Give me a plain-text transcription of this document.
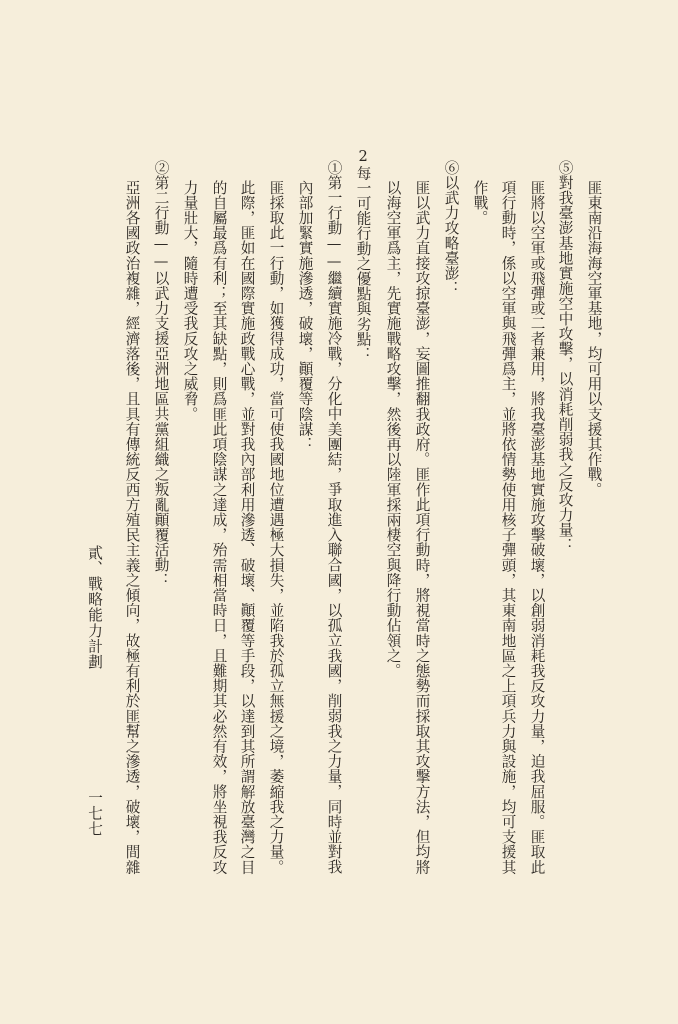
匪東南沿海海空軍基地，均可用以支援其作戰。
⑤對我臺澎基地實施空中攻擊，以消耗削弱我之反攻力量：
匪將以空軍或飛彈或二者兼用，將我臺澎基地實施攻擊破壞，以創弱消耗我反攻力量，迫我屈服。匪取此
項行動時，係以空軍與飛彈爲主，並將依情勢使用核子彈頭，其東南地區之上項兵力與設施，均可支援其
作戰。
⑥以武力攻略臺澎：
匪以武力直接攻掠臺澎，妄圖推翻我政府。匪作此項行動時，將視當時之態勢而採取其攻擊方法，但均將
以海空軍爲主，先實施戰略攻擊，然後再以陸軍採兩棲空與降行動佔領之。
2每一可能行動之優點與劣點：
①第一行動——繼續實施冷戰，分化中美團結，爭取進入聯合國，以孤立我國，削弱我之力量，同時並對我
內部加緊實施滲透，破壞，顚覆等陰謀：
匪採取此一行動，如獲得成功，當可使我國地位遭遇極大損失，並陷我於孤立無援之境，萎縮我之力量。
此際，匪如在國際實施政戰心戰，並對我內部利用滲透、破壞、顚覆等手段，以達到其所謂解放臺灣之目
的自屬最爲有利；至其缺點，則爲匪此項陰謀之達成，殆需相當時日，且難期其必然有效，將坐視我反攻
力量壯大，隨時遭受我反攻之威脅。
②第二行動——以武力支援亞洲地區共黨組織之叛亂顚覆活動：
亞洲各國政治複雜，經濟落後，且具有傳統反西方殖民主義之傾向，故極有利於匪幫之滲透，破壞，間雜
貳、戰略能力計劃
一七七
